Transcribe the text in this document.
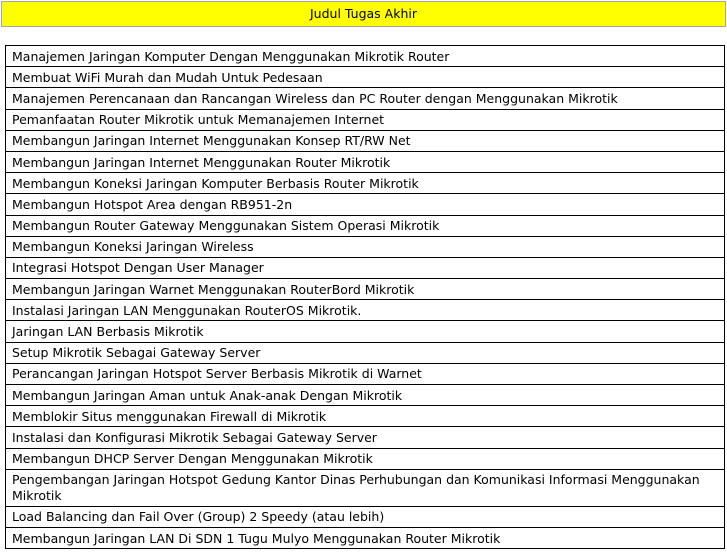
Judul Tugas Akhir
Manajemen Jaringan Komputer Dengan Menggunakan Mikrotik Router
Membuat WiFi Murah dan Mudah Untuk Pedesaan
Manajemen Perencanaan dan Rancangan Wireless dan PC Router dengan Menggunakan Mikrotik
Pemanfaatan Router Mikrotik untuk Memanajemen Internet
Membangun Jaringan Internet Menggunakan Konsep RT/RW Net
Membangun Jaringan Internet Menggunakan Router Mikrotik
Membangun Koneksi Jaringan Komputer Berbasis Router Mikrotik
Membangun Hotspot Area dengan RB951-2n
Membangun Router Gateway Menggunakan Sistem Operasi Mikrotik
Membangun Koneksi Jaringan Wireless
Integrasi Hotspot Dengan User Manager
Membangun Jaringan Warnet Menggunakan RouterBord Mikrotik
Instalasi Jaringan LAN Menggunakan RouterOS Mikrotik.
Jaringan LAN Berbasis Mikrotik
Setup Mikrotik Sebagai Gateway Server
Perancangan Jaringan Hotspot Server Berbasis Mikrotik di Warnet
Membangun Jaringan Aman untuk Anak-anak Dengan Mikrotik
Memblokir Situs menggunakan Firewall di Mikrotik
Instalasi dan Konfigurasi Mikrotik Sebagai Gateway Server
Membangun DHCP Server Dengan Menggunakan Mikrotik
Pengembangan Jaringan Hotspot Gedung Kantor Dinas Perhubungan dan Komunikasi Informasi Menggunakan Mikrotik
Load Balancing dan Fail Over (Group) 2 Speedy (atau lebih)
Membangun Jaringan LAN Di SDN 1 Tugu Mulyo Menggunakan Router Mikrotik
